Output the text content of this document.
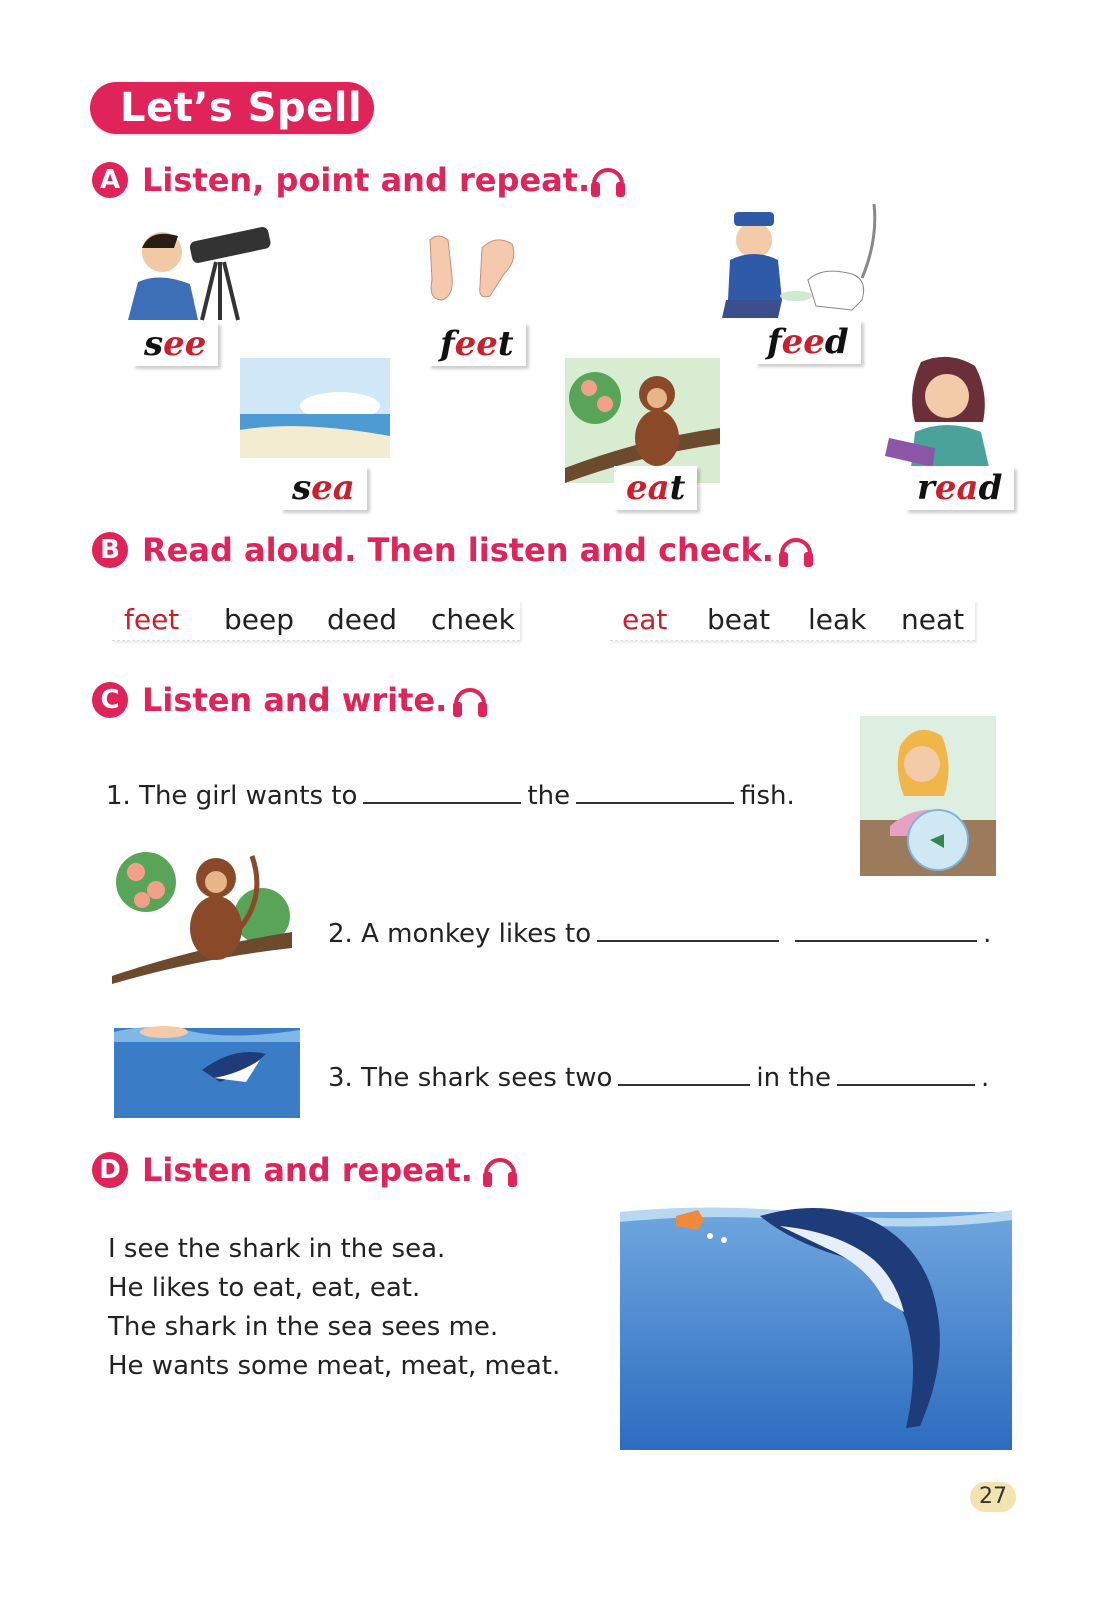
Let’s Spell
A Listen, point and repeat.
see	feet	feed
sea	eat	read
B Read aloud. Then listen and check.
feet beep deed cheek	eat beat leak neat
C Listen and write.
1. The girl wants to	the	fish.
2. A monkey likes to	.
3. The shark sees two	in the	.
D Listen and repeat.
I see the shark in the sea.
He likes to eat, eat, eat.
The shark in the sea sees me.
He wants some meat, meat, meat.
27
